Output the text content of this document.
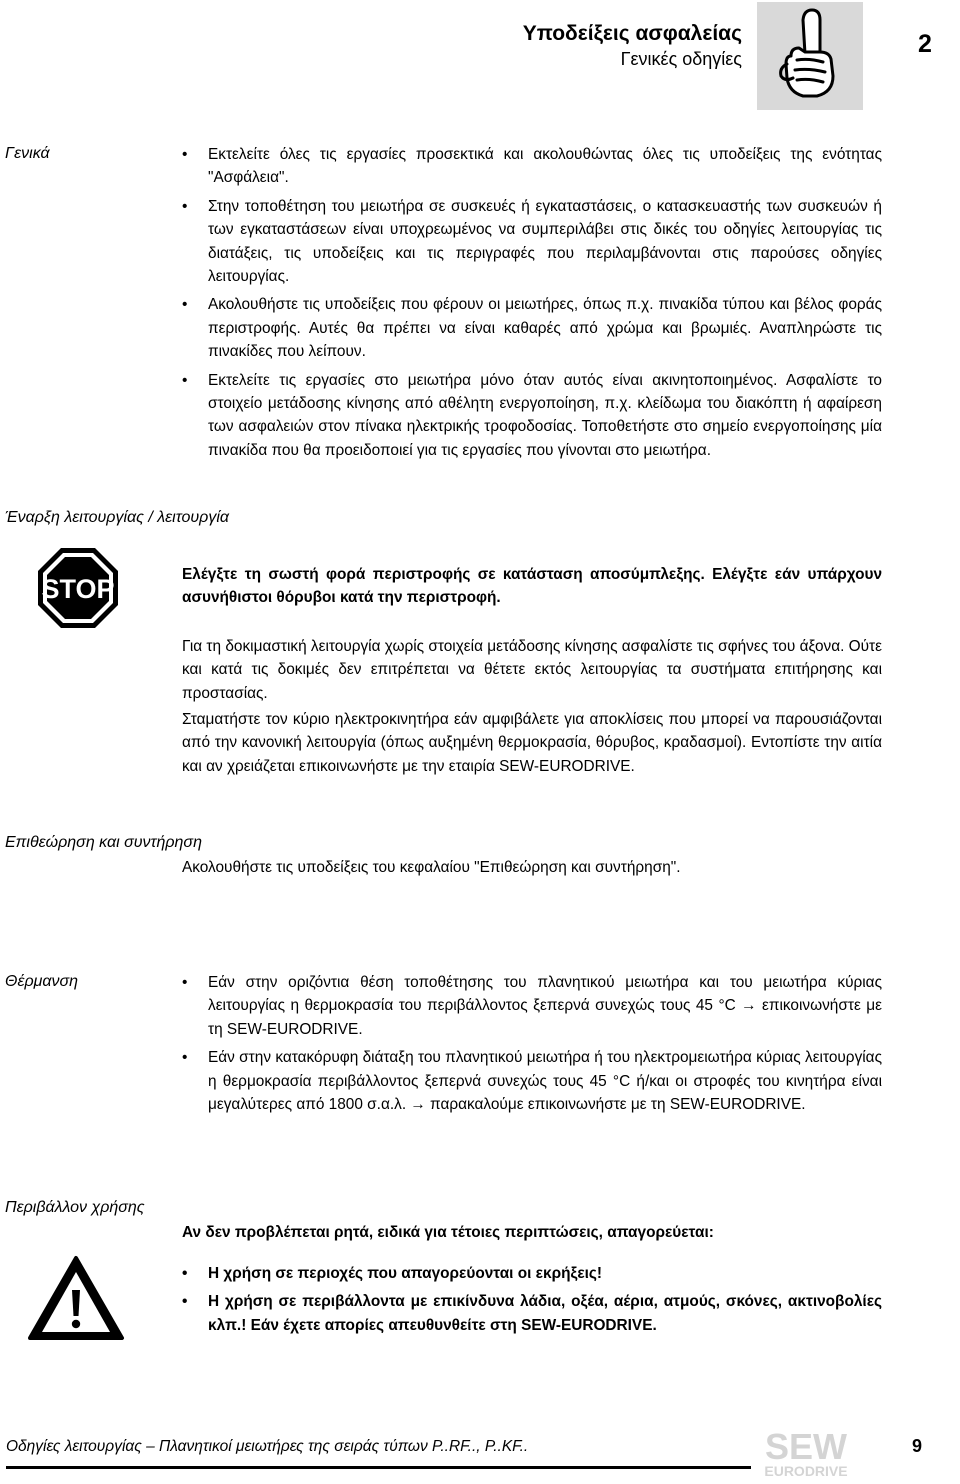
Υποδείξεις ασφαλείας
Γενικές οδηγίες
2
Γενικά	• Εκτελείτε όλες τις εργασίες προσεκτικά και ακολουθώντας όλες τις υποδείξεις της ενότητας "Ασφάλεια".
• Στην τοποθέτηση του μειωτήρα σε συσκευές ή εγκαταστάσεις, ο κατασκευαστής των συσκευών ή των εγκαταστάσεων είναι υποχρεωμένος να συμπεριλάβει στις δικές του οδηγίες λειτουργίας τις διατάξεις, τις υποδείξεις και τις περιγραφές που περιλαμβάνονται στις παρούσες οδηγίες λειτουργίας.
• Ακολουθήστε τις υποδείξεις που φέρουν οι μειωτήρες, όπως π.χ. πινακίδα τύπου και βέλος φοράς περιστροφής. Αυτές θα πρέπει να είναι καθαρές από χρώμα και βρωμιές. Αναπληρώστε τις πινακίδες που λείπουν.
• Εκτελείτε τις εργασίες στο μειωτήρα μόνο όταν αυτός είναι ακινητοποιημένος. Ασφαλίστε το στοιχείο μετάδοσης κίνησης από αθέλητη ενεργοποίηση, π.χ. κλείδωμα του διακόπτη ή αφαίρεση των ασφαλειών στον πίνακα ηλεκτρικής τροφοδοσίας. Τοποθετήστε στο σημείο ενεργοποίησης μία πινακίδα που θα προειδοποιεί για τις εργασίες που γίνονται στο μειωτήρα.
Έναρξη λειτουργίας / λειτουργία
STOP	Ελέγξτε τη σωστή φορά περιστροφής σε κατάσταση αποσύμπλεξης. Ελέγξτε εάν υπάρχουν ασυνήθιστοι θόρυβοι κατά την περιστροφή.
Για τη δοκιμαστική λειτουργία χωρίς στοιχεία μετάδοσης κίνησης ασφαλίστε τις σφήνες του άξονα. Ούτε και κατά τις δοκιμές δεν επιτρέπεται να θέτετε εκτός λειτουργίας τα συστήματα επιτήρησης και προστασίας.
Σταματήστε τον κύριο ηλεκτροκινητήρα εάν αμφιβάλετε για αποκλίσεις που μπορεί να παρουσιάζονται από την κανονική λειτουργία (όπως αυξημένη θερμοκρασία, θόρυβος, κραδασμοί). Εντοπίστε την αιτία και αν χρειάζεται επικοινωνήστε με την εταιρία SEW-EURODRIVE.
Επιθεώρηση και συντήρηση
Ακολουθήστε τις υποδείξεις του κεφαλαίου "Επιθεώρηση και συντήρηση".
Θέρμανση	• Εάν στην οριζόντια θέση τοποθέτησης του πλανητικού μειωτήρα και του μειωτήρα κύριας λειτουργίας η θερμοκρασία του περιβάλλοντος ξεπερνά συνεχώς τους 45 °C → επικοινωνήστε με τη SEW-EURODRIVE.
• Εάν στην κατακόρυφη διάταξη του πλανητικού μειωτήρα ή του ηλεκτρομειωτήρα κύριας λειτουργίας η θερμοκρασία περιβάλλοντος ξεπερνά συνεχώς τους 45 °C ή/και οι στροφές του κινητήρα είναι μεγαλύτερες από 1800 σ.α.λ. → παρακαλούμε επικοινωνήστε με τη SEW-EURODRIVE.
Περιβάλλον χρήσης
Αν δεν προβλέπεται ρητά, ειδικά για τέτοιες περιπτώσεις, απαγορεύεται:
• Η χρήση σε περιοχές που απαγορεύονται οι εκρήξεις!
• Η χρήση σε περιβάλλοντα με επικίνδυνα λάδια, οξέα, αέρια, ατμούς, σκόνες, ακτινοβολίες κλπ.! Εάν έχετε απορίες απευθυνθείτε στη SEW-EURODRIVE.
Οδηγίες λειτουργίας – Πλανητικοί μειωτήρες της σειράς τύπων P..RF.., P..KF..	SEW
EURODRIVE
9
